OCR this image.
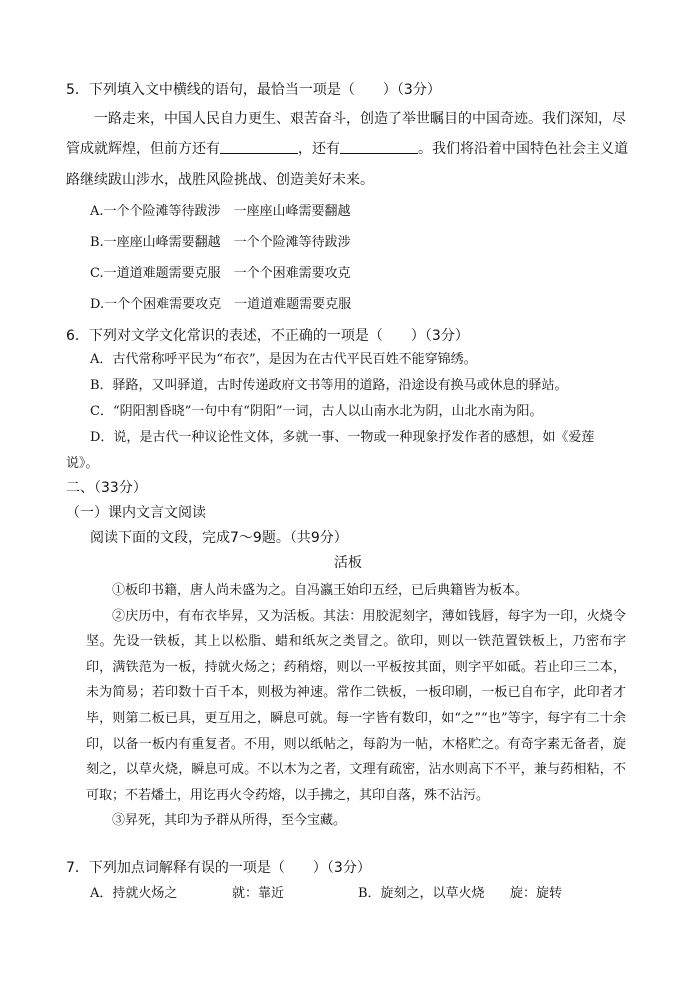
5．下列填入文中横线的语句，最恰当一项是（　　）（3分）
一路走来，中国人民自力更生、艰苦奋斗，创造了举世瞩目的中国奇迹。我们深知，尽
管成就辉煌，但前方还有	，还有	。我们将沿着中国特色社会主义道
路继续跋山涉水，战胜风险挑战、创造美好未来。
A.一个个险滩等待跋涉　一座座山峰需要翻越
B.一座座山峰需要翻越　一个个险滩等待跋涉
C.一道道难题需要克服　一个个困难需要攻克
D.一个个困难需要攻克　一道道难题需要克服
6．下列对文学文化常识的表述，不正确的一项是（　　）（3分）
A．古代常称呼平民为“布衣”，是因为在古代平民百姓不能穿锦绣。
B．驿路，又叫驿道，古时传递政府文书等用的道路，沿途设有换马或休息的驿站。
C．“阴阳割昏晓”一句中有“阴阳”一词，古人以山南水北为阴，山北水南为阳。
D．说，是古代一种议论性文体，多就一事、一物或一种现象抒发作者的感想，如《爱莲
说》。
二、（33分）
（一）课内文言文阅读
阅读下面的文段，完成7～9题。（共9分）
活板

①板印书籍，唐人尚未盛为之。自冯瀛王始印五经，已后典籍皆为板本。

②庆历中，有布衣毕昇，又为活板。其法：用胶泥刻字，薄如钱唇，每字为一印，火烧令坚。先设一铁板，其上以松脂、蜡和纸灰之类冒之。欲印，则以一铁范置铁板上，乃密布字印，满铁范为一板，持就火炀之；药稍熔，则以一平板按其面，则字平如砥。若止印三二本，未为简易；若印数十百千本，则极为神速。常作二铁板，一板印刷，一板已自布字，此印者才毕，则第二板已具，更互用之，瞬息可就。每一字皆有数印，如“之”“也”等字，每字有二十余印，以备一板内有重复者。不用，则以纸帖之，每韵为一帖，木格贮之。有奇字素无备者，旋刻之，以草火烧，瞬息可成。不以木为之者，文理有疏密，沾水则高下不平，兼与药相粘，不可取；不若燔土，用讫再火令药熔，以手拂之，其印自落，殊不沾污。

③昇死，其印为予群从所得，至今宝藏。

7．下列加点词解释有误的一项是（　　）（3分）
A．持就火炀之	就：靠近	B．旋刻之，以草火烧 旋：旋转
